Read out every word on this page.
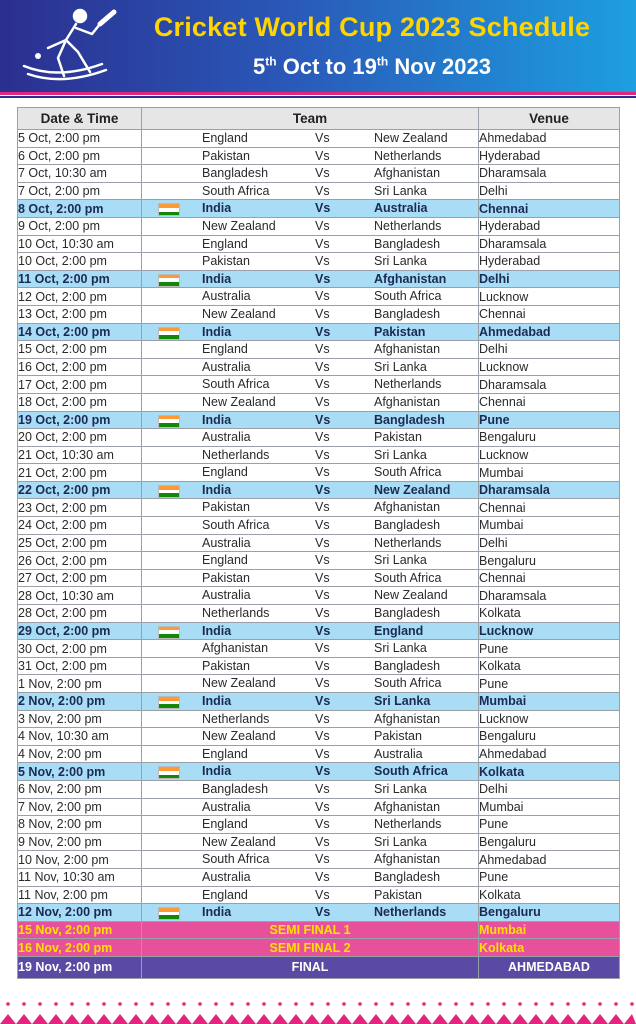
Cricket World Cup 2023 Schedule
5th Oct to 19th Nov 2023
Date & Time	Team	Venue
5 Oct, 2:00 pm	England Vs New Zealand	Ahmedabad
6 Oct, 2:00 pm	Pakistan Vs Netherlands	Hyderabad
7 Oct, 10:30 am	Bangladesh Vs Afghanistan	Dharamsala
7 Oct, 2:00 pm	South Africa Vs Sri Lanka	Delhi
8 Oct, 2:00 pm	India Vs Australia	Chennai
9 Oct, 2:00 pm	New Zealand Vs Netherlands	Hyderabad
10 Oct, 10:30 am	England Vs Bangladesh	Dharamsala
10 Oct, 2:00 pm	Pakistan Vs Sri Lanka	Hyderabad
11 Oct, 2:00 pm	India Vs Afghanistan	Delhi
12 Oct, 2:00 pm	Australia Vs South Africa	Lucknow
13 Oct, 2:00 pm	New Zealand Vs Bangladesh	Chennai
14 Oct, 2:00 pm	India Vs Pakistan	Ahmedabad
15 Oct, 2:00 pm	England Vs Afghanistan	Delhi
16 Oct, 2:00 pm	Australia Vs Sri Lanka	Lucknow
17 Oct, 2:00 pm	South Africa Vs Netherlands	Dharamsala
18 Oct, 2:00 pm	New Zealand Vs Afghanistan	Chennai
19 Oct, 2:00 pm	India Vs Bangladesh	Pune
20 Oct, 2:00 pm	Australia Vs Pakistan	Bengaluru
21 Oct, 10:30 am	Netherlands Vs Sri Lanka	Lucknow
21 Oct, 2:00 pm	England Vs South Africa	Mumbai
22 Oct, 2:00 pm	India Vs New Zealand	Dharamsala
23 Oct, 2:00 pm	Pakistan Vs Afghanistan	Chennai
24 Oct, 2:00 pm	South Africa Vs Bangladesh	Mumbai
25 Oct, 2:00 pm	Australia Vs Netherlands	Delhi
26 Oct, 2:00 pm	England Vs Sri Lanka	Bengaluru
27 Oct, 2:00 pm	Pakistan Vs South Africa	Chennai
28 Oct, 10:30 am	Australia Vs New Zealand	Dharamsala
28 Oct, 2:00 pm	Netherlands Vs Bangladesh	Kolkata
29 Oct, 2:00 pm	India Vs England	Lucknow
30 Oct, 2:00 pm	Afghanistan Vs Sri Lanka	Pune
31 Oct, 2:00 pm	Pakistan Vs Bangladesh	Kolkata
1 Nov, 2:00 pm	New Zealand Vs South Africa	Pune
2 Nov, 2:00 pm	India Vs Sri Lanka	Mumbai
3 Nov, 2:00 pm	Netherlands Vs Afghanistan	Lucknow
4 Nov, 10:30 am	New Zealand Vs Pakistan	Bengaluru
4 Nov, 2:00 pm	England Vs Australia	Ahmedabad
5 Nov, 2:00 pm	India Vs South Africa	Kolkata
6 Nov, 2:00 pm	Bangladesh Vs Sri Lanka	Delhi
7 Nov, 2:00 pm	Australia Vs Afghanistan	Mumbai
8 Nov, 2:00 pm	England Vs Netherlands	Pune
9 Nov, 2:00 pm	New Zealand Vs Sri Lanka	Bengaluru
10 Nov, 2:00 pm	South Africa Vs Afghanistan	Ahmedabad
11 Nov, 10:30 am	Australia Vs Bangladesh	Pune
11 Nov, 2:00 pm	England Vs Pakistan	Kolkata
12 Nov, 2:00 pm	India Vs Netherlands	Bengaluru
15 Nov, 2:00 pm	SEMI FINAL 1	Mumbai
16 Nov, 2:00 pm	SEMI FINAL 2	Kolkata
19 Nov, 2:00 pm	FINAL	AHMEDABAD
